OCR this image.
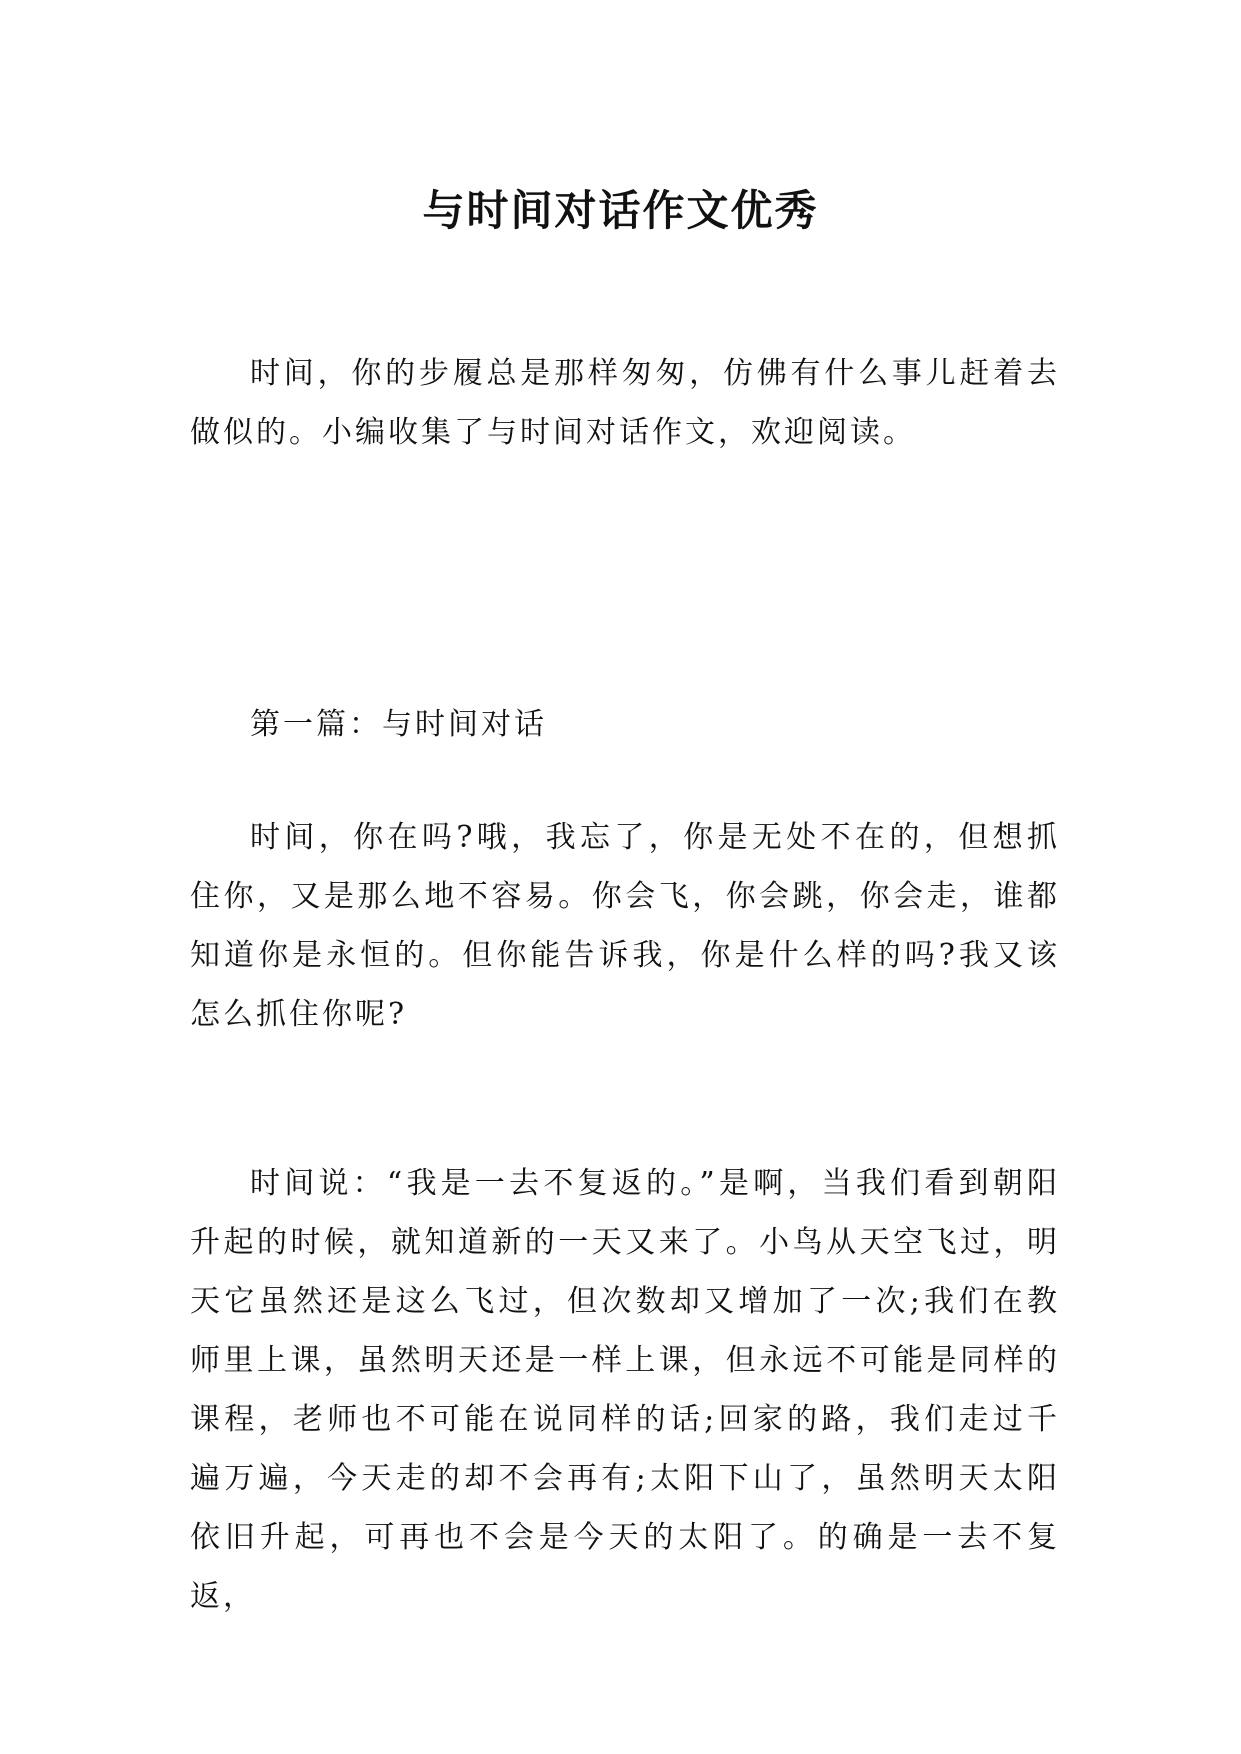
与时间对话作文优秀

时间，你的步履总是那样匆匆，仿佛有什么事儿赶着去做似的。小编收集了与时间对话作文，欢迎阅读。

第一篇：与时间对话

时间，你在吗?哦，我忘了，你是无处不在的，但想抓住你，又是那么地不容易。你会飞，你会跳，你会走，谁都知道你是永恒的。但你能告诉我，你是什么样的吗?我又该怎么抓住你呢?

时间说：“我是一去不复返的。”是啊，当我们看到朝阳升起的时候，就知道新的一天又来了。小鸟从天空飞过，明天它虽然还是这么飞过，但次数却又增加了一次;我们在教师里上课，虽然明天还是一样上课，但永远不可能是同样的课程，老师也不可能在说同样的话;回家的路，我们走过千遍万遍，今天走的却不会再有;太阳下山了，虽然明天太阳依旧升起，可再也不会是今天的太阳了。的确是一去不复返，
